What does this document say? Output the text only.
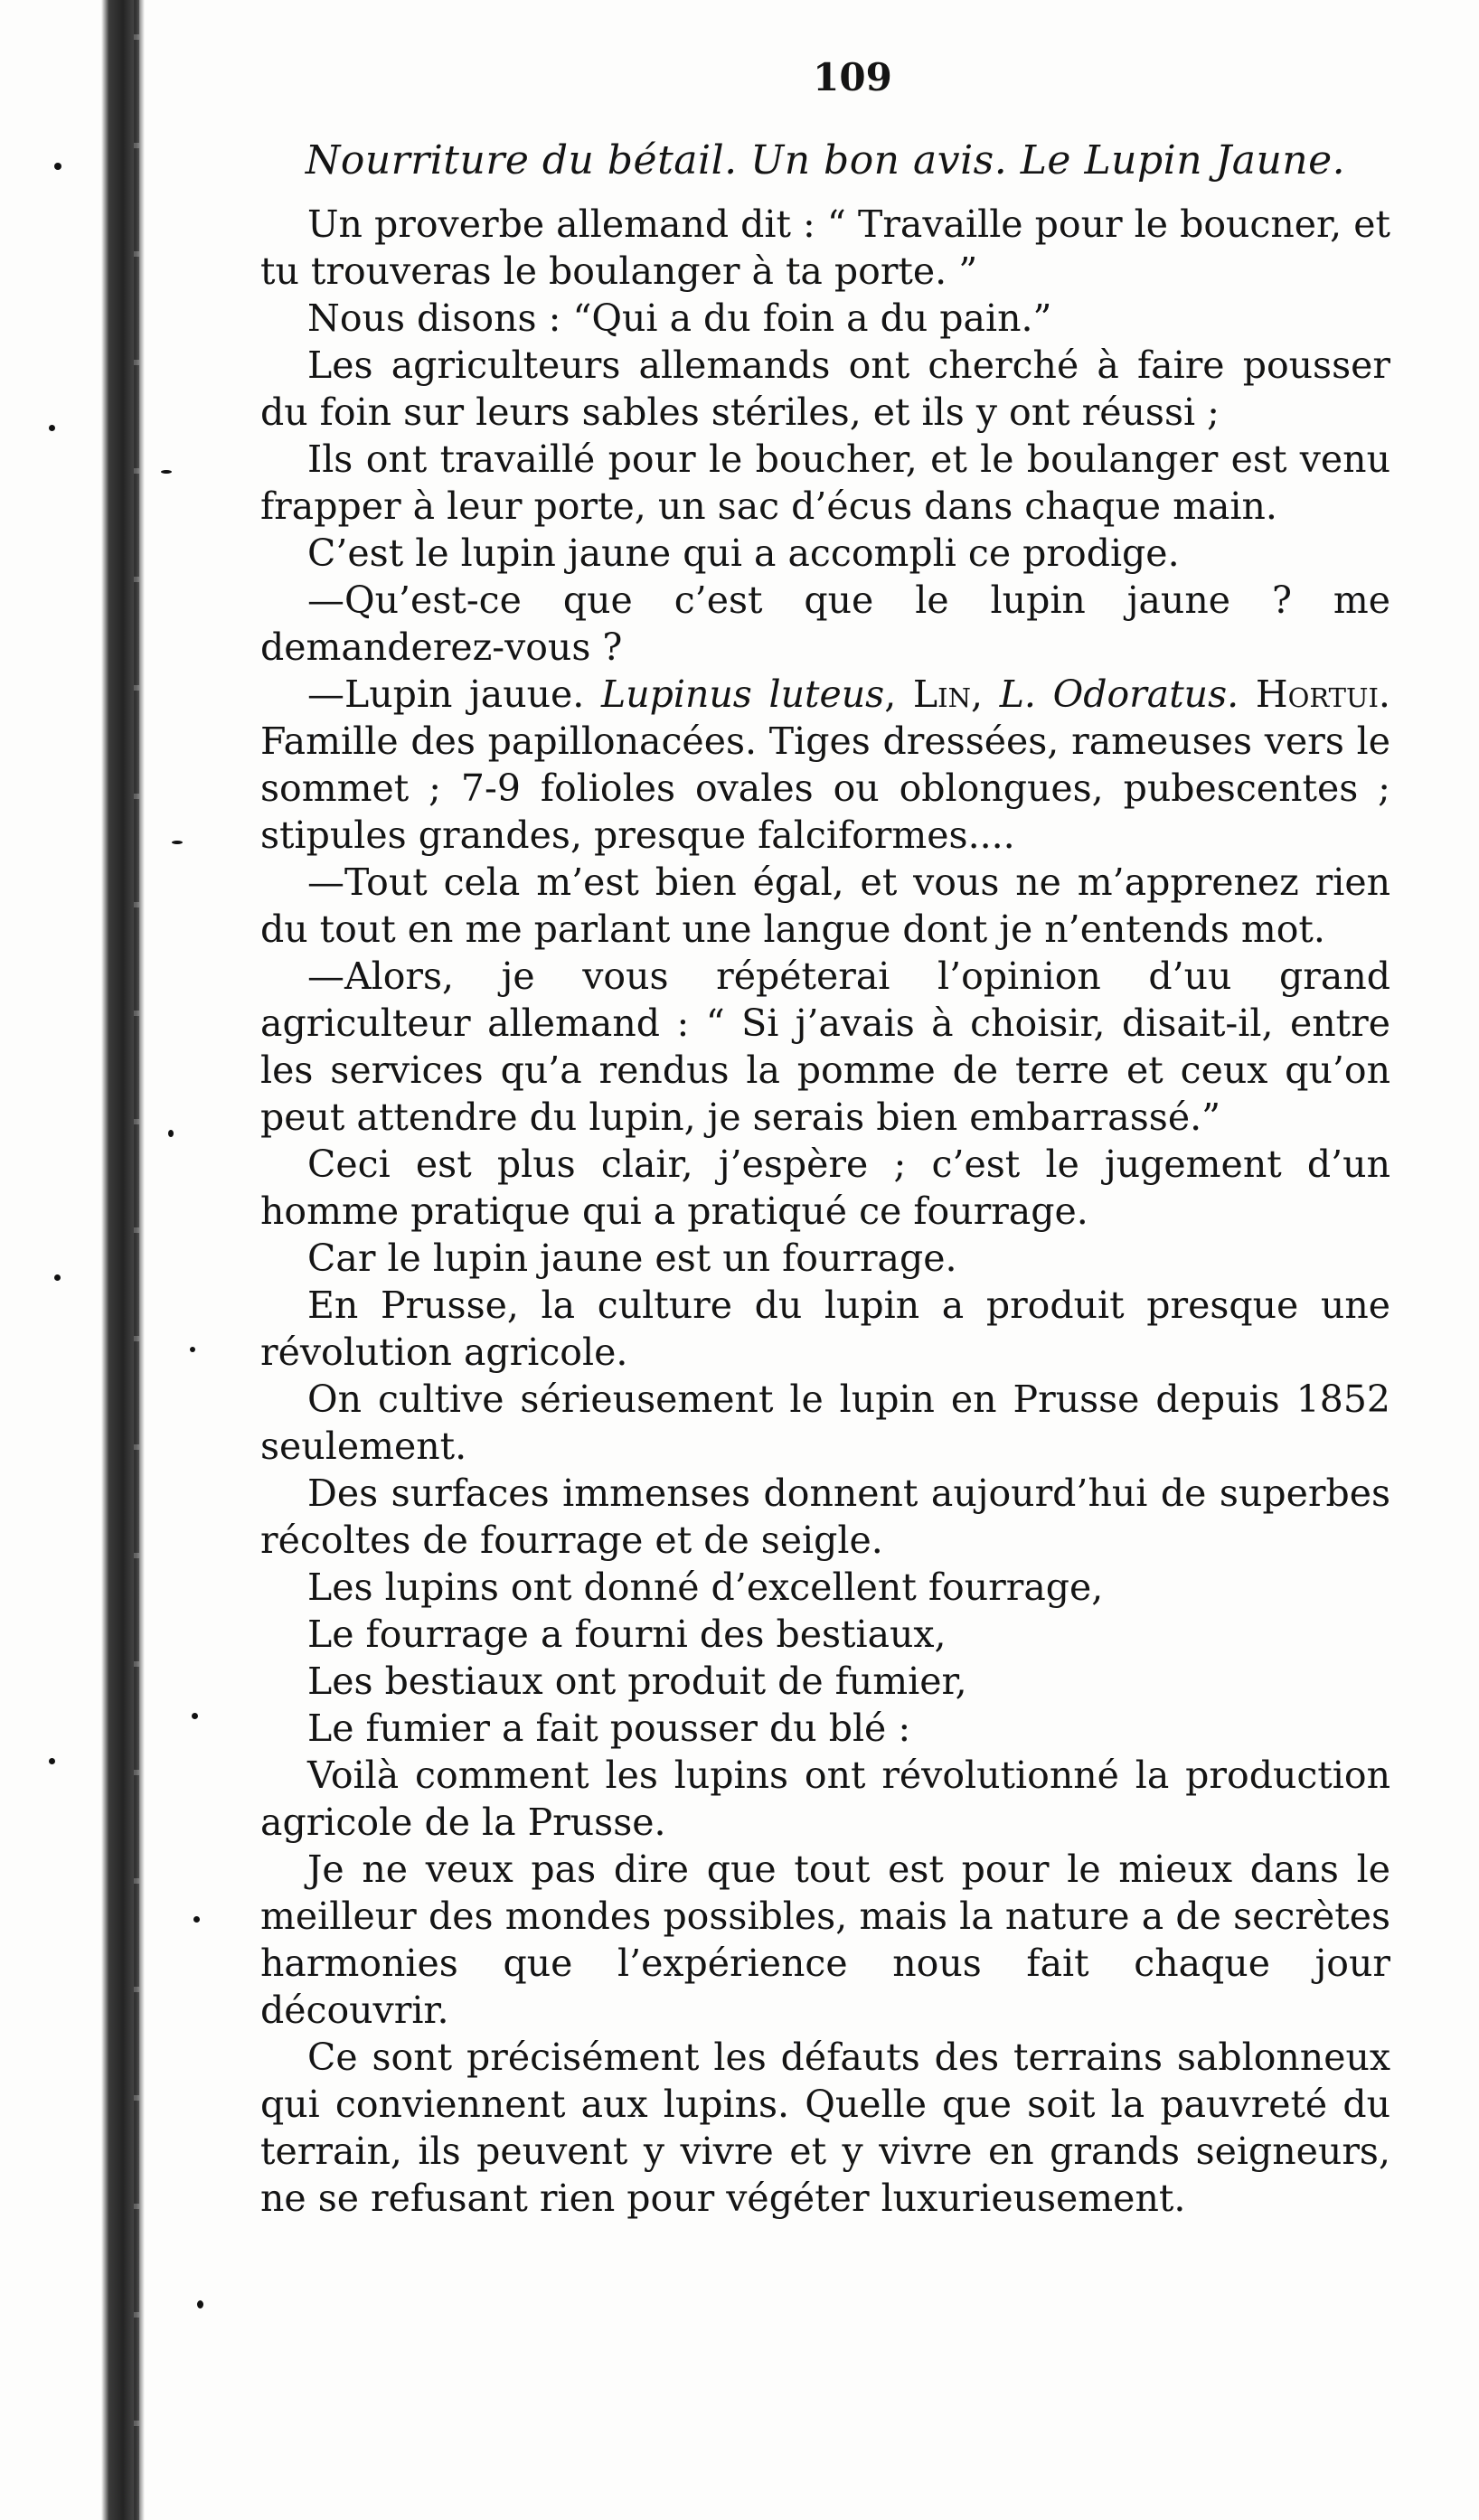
109
Nourriture du bétail. Un bon avis. Le Lupin Jaune.

Un proverbe allemand dit : “ Travaille pour le boucner, et tu trouveras le boulanger à ta porte. ”

Nous disons : “Qui a du foin a du pain.”

Les agriculteurs allemands ont cherché à faire pousser du foin sur leurs sables stériles, et ils y ont réussi ;

Ils ont travaillé pour le boucher, et le boulanger est venu frapper à leur porte, un sac d’écus dans chaque main.

C’est le lupin jaune qui a accompli ce prodige.

—Qu’est-ce que c’est que le lupin jaune ? me demanderez-vous ?

—Lupin jauue. Lupinus luteus, Lin, L. Odoratus. Hortui. Famille des papillonacées. Tiges dressées, rameuses vers le sommet ; 7-9 folioles ovales ou oblongues, pubescentes ; stipules grandes, presque falciformes....

—Tout cela m’est bien égal, et vous ne m’apprenez rien du tout en me parlant une langue dont je n’entends mot.

—Alors, je vous répéterai l’opinion d’uu grand agriculteur allemand : “ Si j’avais à choisir, disait-il, entre les services qu’a rendus la pomme de terre et ceux qu’on peut attendre du lupin, je serais bien embarrassé.”

Ceci est plus clair, j’espère ; c’est le jugement d’un homme pratique qui a pratiqué ce fourrage.

Car le lupin jaune est un fourrage.

En Prusse, la culture du lupin a produit presque une révolution agricole.

On cultive sérieusement le lupin en Prusse depuis 1852 seulement.

Des surfaces immenses donnent aujourd’hui de superbes récoltes de fourrage et de seigle.

Les lupins ont donné d’excellent fourrage,

Le fourrage a fourni des bestiaux,

Les bestiaux ont produit de fumier,

Le fumier a fait pousser du blé :

Voilà comment les lupins ont révolutionné la production agricole de la Prusse.

Je ne veux pas dire que tout est pour le mieux dans le meilleur des mondes possibles, mais la nature a de secrètes harmonies que l’expérience nous fait chaque jour découvrir.

Ce sont précisément les défauts des terrains sablonneux qui conviennent aux lupins. Quelle que soit la pauvreté du terrain, ils peuvent y vivre et y vivre en grands seigneurs, ne se refusant rien pour végéter luxurieusement.
